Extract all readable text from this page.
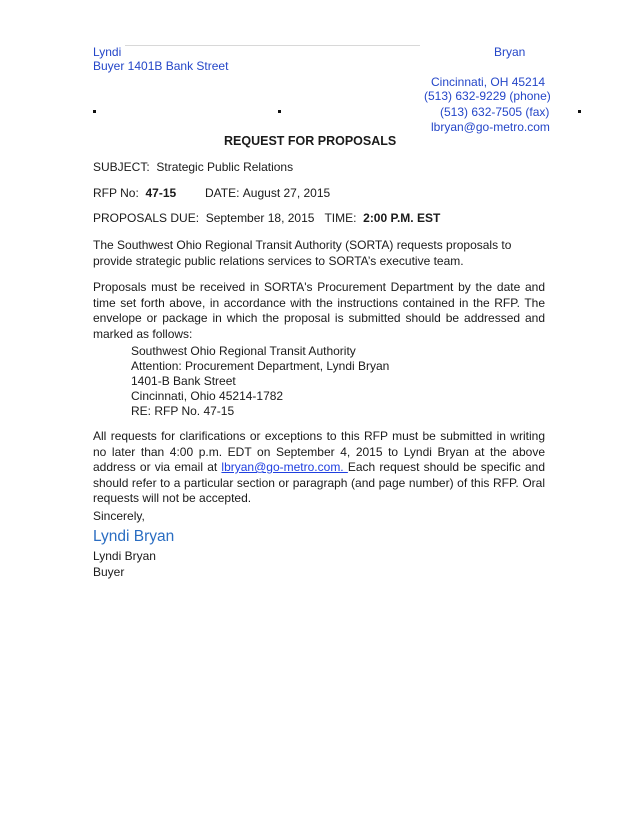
Lyndi	Bryan
Buyer 1401B Bank Street
Cincinnati, OH 45214
(513) 632-9229 (phone)
(513) 632-7505 (fax)
lbryan@go-metro.com
REQUEST FOR PROPOSALS
SUBJECT: Strategic Public Relations
RFP No: 47-15 DATE: August 27, 2015
PROPOSALS DUE: September 18, 2015 TIME: 2:00 P.M. EST
The Southwest Ohio Regional Transit Authority (SORTA) requests proposals to provide strategic public relations services to SORTA’s executive team.
Proposals must be received in SORTA's Procurement Department by the date and time set forth above, in accordance with the instructions contained in the RFP. The envelope or package in which the proposal is submitted should be addressed and marked as follows:
Southwest Ohio Regional Transit Authority
Attention: Procurement Department, Lyndi Bryan
1401-B Bank Street
Cincinnati, Ohio 45214-1782
RE: RFP No. 47-15
All requests for clarifications or exceptions to this RFP must be submitted in writing no later than 4:00 p.m. EDT on September 4, 2015 to Lyndi Bryan at the above address or via email at lbryan@go-metro.com. Each request should be specific and should refer to a particular section or paragraph (and page number) of this RFP. Oral requests will not be accepted.
Sincerely,
Lyndi Bryan
Lyndi Bryan
Buyer
